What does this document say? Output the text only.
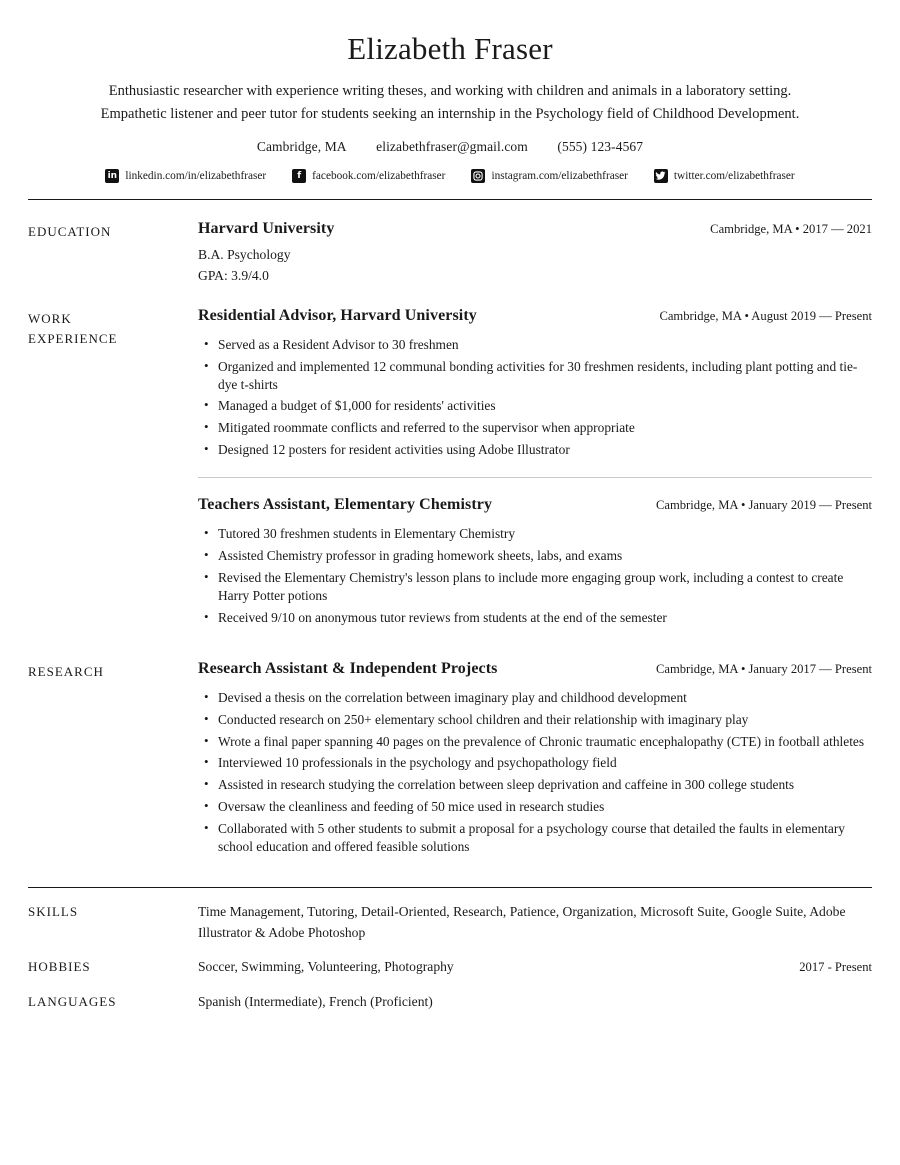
Elizabeth Fraser
Enthusiastic researcher with experience writing theses, and working with children and animals in a laboratory setting. Empathetic listener and peer tutor for students seeking an internship in the Psychology field of Childhood Development.
Cambridge, MA elizabethfraser@gmail.com (555) 123-4567
in linkedin.com/in/elizabethfraser	f facebook.com/elizabethfraser	instagram.com/elizabethfraser	twitter.com/elizabethfraser
EDUCATION	Harvard University	Cambridge, MA • 2017 — 2021
B.A. Psychology
GPA: 3.9/4.0
WORK
EXPERIENCE
Residential Advisor, Harvard University	Cambridge, MA • August 2019 — Present
• Served as a Resident Advisor to 30 freshmen
• Organized and implemented 12 communal bonding activities for 30 freshmen residents, including plant potting and tie-dye t-shirts
• Managed a budget of $1,000 for residents' activities
• Mitigated roommate conflicts and referred to the supervisor when appropriate
• Designed 12 posters for resident activities using Adobe Illustrator
Teachers Assistant, Elementary Chemistry	Cambridge, MA • January 2019 — Present
• Tutored 30 freshmen students in Elementary Chemistry
• Assisted Chemistry professor in grading homework sheets, labs, and exams
• Revised the Elementary Chemistry's lesson plans to include more engaging group work, including a contest to create Harry Potter potions
• Received 9/10 on anonymous tutor reviews from students at the end of the semester
RESEARCH	Research Assistant & Independent Projects	Cambridge, MA • January 2017 — Present
• Devised a thesis on the correlation between imaginary play and childhood development
• Conducted research on 250+ elementary school children and their relationship with imaginary play
• Wrote a final paper spanning 40 pages on the prevalence of Chronic traumatic encephalopathy (CTE) in football athletes
• Interviewed 10 professionals in the psychology and psychopathology field
• Assisted in research studying the correlation between sleep deprivation and caffeine in 300 college students
• Oversaw the cleanliness and feeding of 50 mice used in research studies
• Collaborated with 5 other students to submit a proposal for a psychology course that detailed the faults in elementary school education and offered feasible solutions
SKILLS	Time Management, Tutoring, Detail-Oriented, Research, Patience, Organization, Microsoft Suite, Google Suite, Adobe Illustrator & Adobe Photoshop
HOBBIES	Soccer, Swimming, Volunteering, Photography	2017 - Present
LANGUAGES	Spanish (Intermediate), French (Proficient)
